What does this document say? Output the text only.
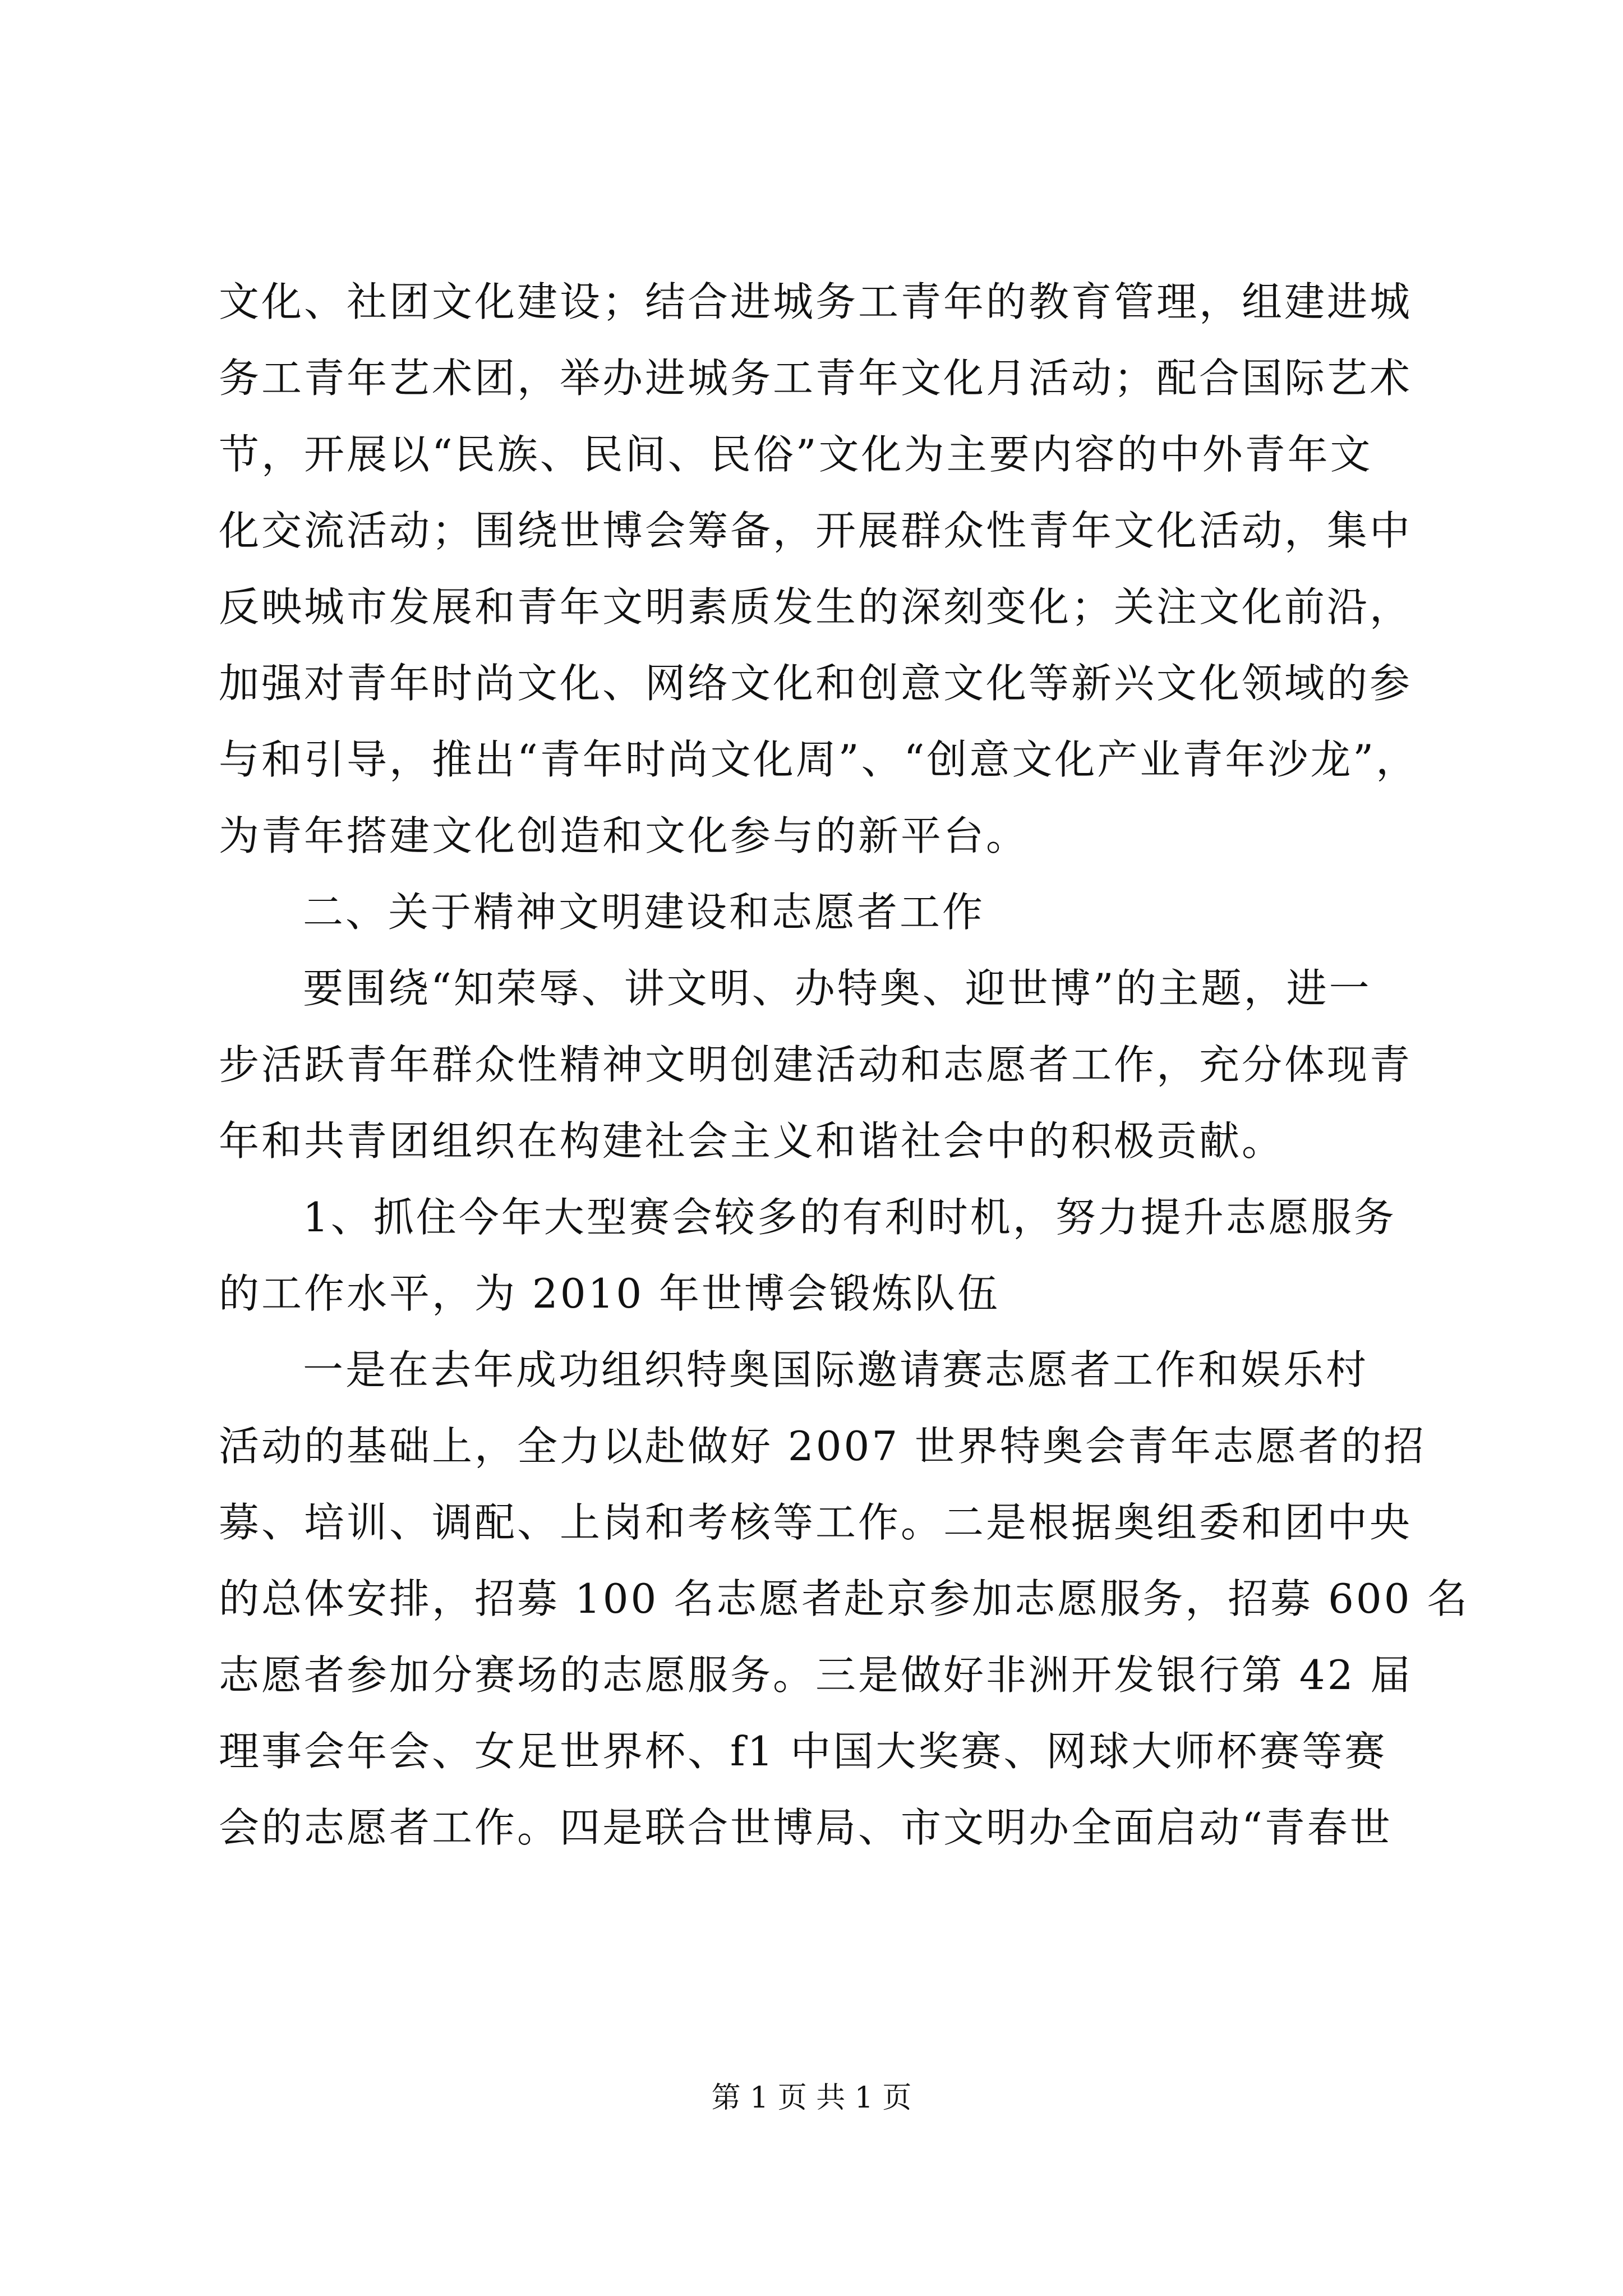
文化、社团文化建设；结合进城务工青年的教育管理，组建进城
务工青年艺术团，举办进城务工青年文化月活动；配合国际艺术
节，开展以“民族、民间、民俗”文化为主要内容的中外青年文
化交流活动；围绕世博会筹备，开展群众性青年文化活动，集中
反映城市发展和青年文明素质发生的深刻变化；关注文化前沿，
加强对青年时尚文化、网络文化和创意文化等新兴文化领域的参
与和引导，推出“青年时尚文化周”、“创意文化产业青年沙龙”，
为青年搭建文化创造和文化参与的新平台。
二、关于精神文明建设和志愿者工作
要围绕“知荣辱、讲文明、办特奥、迎世博”的主题，进一
步活跃青年群众性精神文明创建活动和志愿者工作，充分体现青
年和共青团组织在构建社会主义和谐社会中的积极贡献。
1、抓住今年大型赛会较多的有利时机，努力提升志愿服务
的工作水平，为 2010 年世博会锻炼队伍
一是在去年成功组织特奥国际邀请赛志愿者工作和娱乐村
活动的基础上，全力以赴做好 2007 世界特奥会青年志愿者的招
募、培训、调配、上岗和考核等工作。二是根据奥组委和团中央
的总体安排，招募 100 名志愿者赴京参加志愿服务，招募 600 名
志愿者参加分赛场的志愿服务。三是做好非洲开发银行第 42 届
理事会年会、女足世界杯、f1 中国大奖赛、网球大师杯赛等赛
会的志愿者工作。四是联合世博局、市文明办全面启动“青春世
第 1 页 共 1 页
